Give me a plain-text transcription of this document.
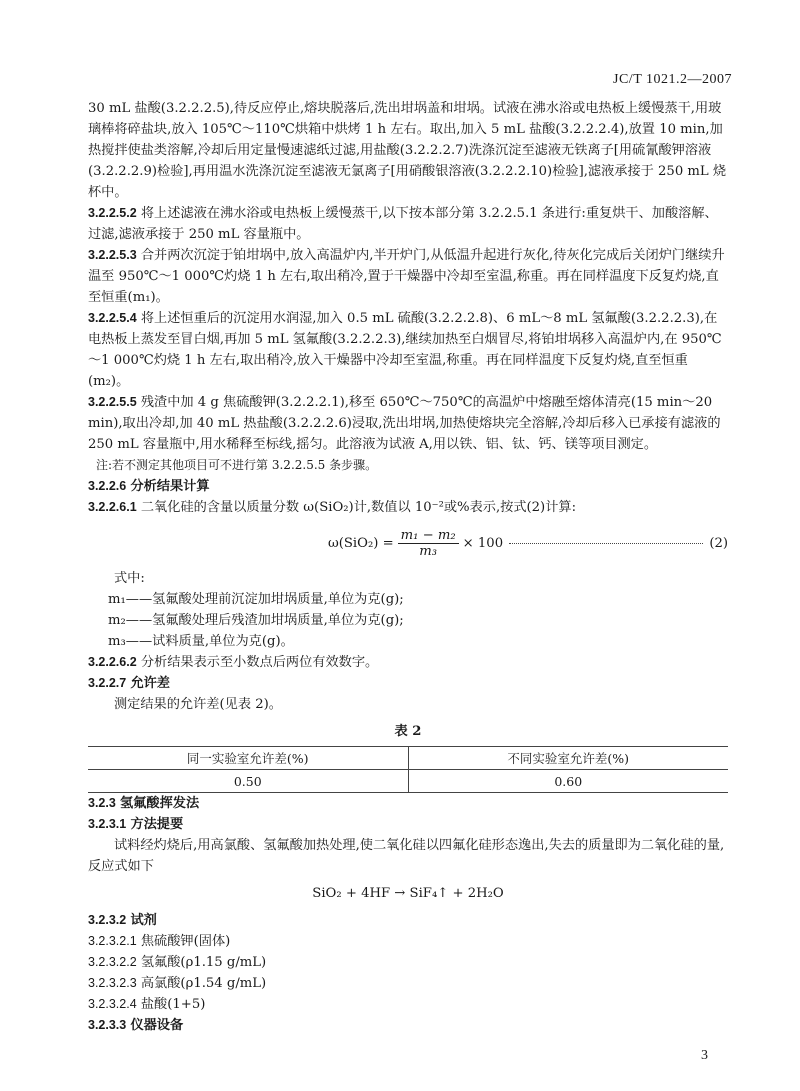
JC/T 1021.2—2007

30 mL 盐酸(3.2.2.2.5),待反应停止,熔块脱落后,洗出坩埚盖和坩埚。试液在沸水浴或电热板上缓慢蒸干,用玻璃棒将碎盐块,放入 105℃～110℃烘箱中烘烤 1 h 左右。取出,加入 5 mL 盐酸(3.2.2.2.4),放置 10 min,加热搅拌使盐类溶解,冷却后用定量慢速滤纸过滤,用盐酸(3.2.2.2.7)洗涤沉淀至滤液无铁离子[用硫氰酸钾溶液(3.2.2.2.9)检验],再用温水洗涤沉淀至滤液无氯离子[用硝酸银溶液(3.2.2.2.10)检验],滤液承接于 250 mL 烧杯中。

3.2.2.5.2 将上述滤液在沸水浴或电热板上缓慢蒸干,以下按本部分第 3.2.2.5.1 条进行:重复烘干、加酸溶解、过滤,滤液承接于 250 mL 容量瓶中。

3.2.2.5.3 合并两次沉淀于铂坩埚中,放入高温炉内,半开炉门,从低温升起进行灰化,待灰化完成后关闭炉门继续升温至 950℃～1 000℃灼烧 1 h 左右,取出稍冷,置于干燥器中冷却至室温,称重。再在同样温度下反复灼烧,直至恒重(m₁)。

3.2.2.5.4 将上述恒重后的沉淀用水润湿,加入 0.5 mL 硫酸(3.2.2.2.8)、6 mL～8 mL 氢氟酸(3.2.2.2.3),在电热板上蒸发至冒白烟,再加 5 mL 氢氟酸(3.2.2.2.3),继续加热至白烟冒尽,将铂坩埚移入高温炉内,在 950℃～1 000℃灼烧 1 h 左右,取出稍冷,放入干燥器中冷却至室温,称重。再在同样温度下反复灼烧,直至恒重(m₂)。

3.2.2.5.5 残渣中加 4 g 焦硫酸钾(3.2.2.2.1),移至 650℃～750℃的高温炉中熔融至熔体清亮(15 min～20 min),取出冷却,加 40 mL 热盐酸(3.2.2.2.6)浸取,洗出坩埚,加热使熔块完全溶解,冷却后移入已承接有滤液的 250 mL 容量瓶中,用水稀释至标线,摇匀。此溶液为试液 A,用以铁、铝、钛、钙、镁等项目测定。

注:若不测定其他项目可不进行第 3.2.2.5.5 条步骤。

3.2.2.6 分析结果计算

3.2.2.6.1 二氧化硅的含量以质量分数 ω(SiO₂)计,数值以 10⁻²或%表示,按式(2)计算:

$\omega(SiO_2) = \frac{\text{m₁ − m₂}}{\text{m₃}} \times 100$	(2)

式中:

m₁——氢氟酸处理前沉淀加坩埚质量,单位为克(g);

m₂——氢氟酸处理后残渣加坩埚质量,单位为克(g);

m₃——试料质量,单位为克(g)。

3.2.2.6.2 分析结果表示至小数点后两位有效数字。

3.2.2.7 允许差

测定结果的允许差(见表 2)。

表 2
同一实验室允许差(%)	不同实验室允许差(%)
0.50	0.60

3.2.3 氢氟酸挥发法

3.2.3.1 方法提要

试料经灼烧后,用高氯酸、氢氟酸加热处理,使二氧化硅以四氟化硅形态逸出,失去的质量即为二氧化硅的量,反应式如下

SiO₂ + 4HF → SiF₄↑ + 2H₂O

3.2.3.2 试剂

3.2.3.2.1 焦硫酸钾(固体)

3.2.3.2.2 氢氟酸(ρ1.15 g/mL)

3.2.3.2.3 高氯酸(ρ1.54 g/mL)

3.2.3.2.4 盐酸(1+5)

3.2.3.3 仪器设备

3
